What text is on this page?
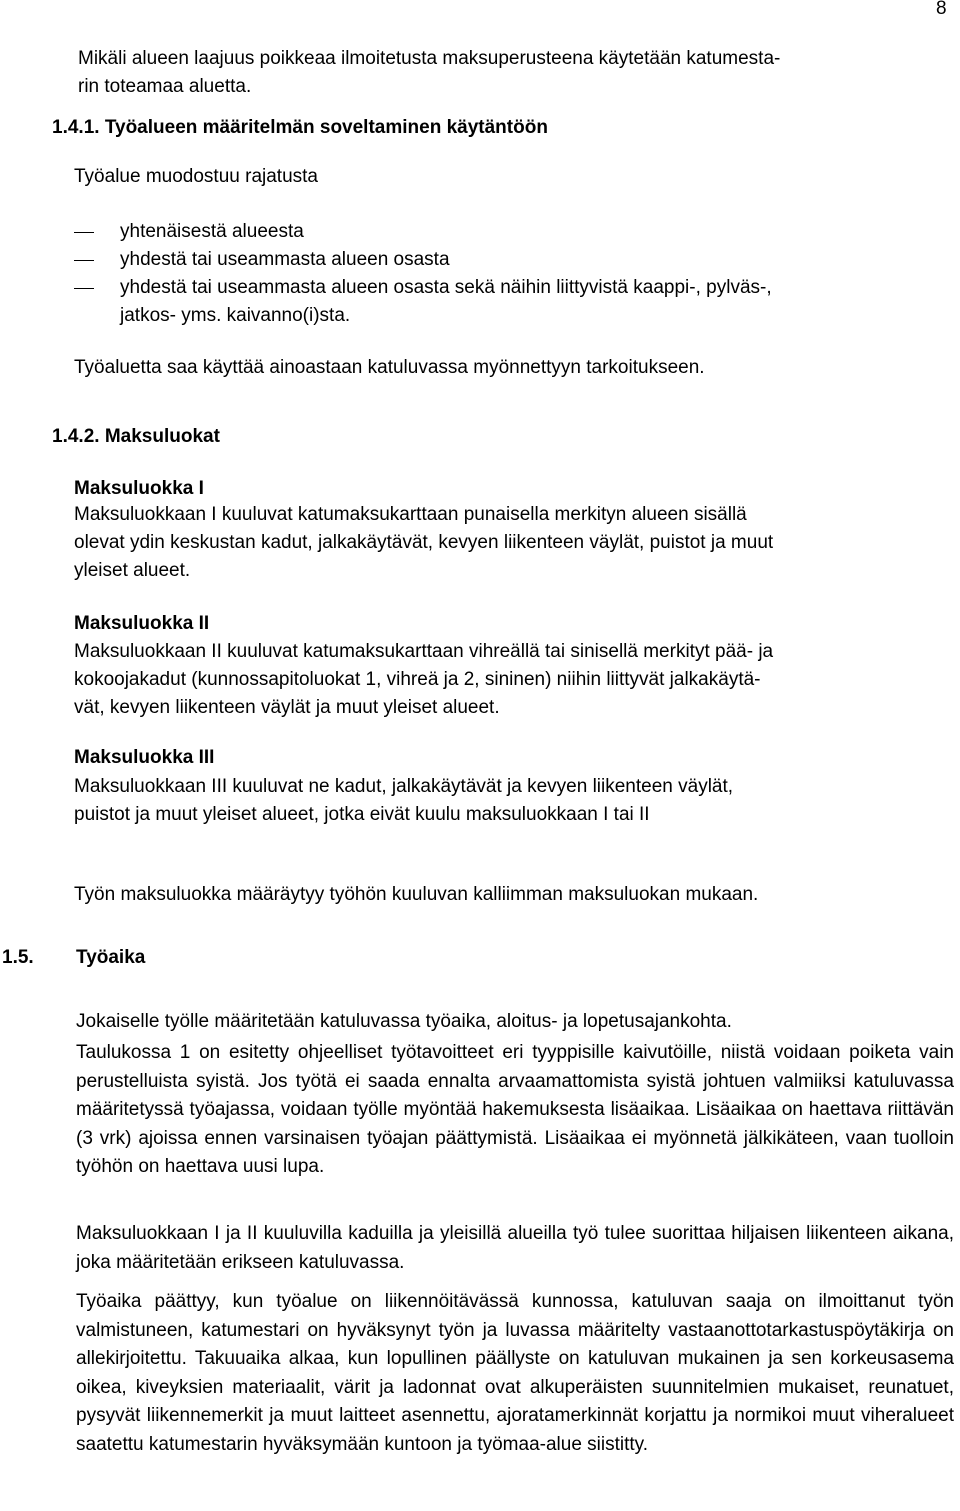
8
Mikäli alueen laajuus poikkeaa ilmoitetusta maksuperusteena käytetään katumesta-
rin toteamaa aluetta.
1.4.1. Työalueen määritelmän soveltaminen käytäntöön
Työalue muodostuu rajatusta
yhtenäisestä alueesta
yhdestä tai useammasta alueen osasta
yhdestä tai useammasta alueen osasta sekä näihin liittyvistä kaappi-, pylväs-,
jatkos- yms. kaivanno(i)sta.
Työaluetta saa käyttää ainoastaan katuluvassa myönnettyyn tarkoitukseen.
1.4.2. Maksuluokat
Maksuluokka I
Maksuluokkaan I kuuluvat katumaksukarttaan punaisella merkityn alueen sisällä
olevat ydin keskustan kadut, jalkakäytävät, kevyen liikenteen väylät, puistot ja muut
yleiset alueet.
Maksuluokka II
Maksuluokkaan II kuuluvat katumaksukarttaan vihreällä tai sinisellä merkityt pää- ja
kokoojakadut (kunnossapitoluokat 1, vihreä ja 2, sininen) niihin liittyvät jalkakäytä-
vät, kevyen liikenteen väylät ja muut yleiset alueet.
Maksuluokka III
Maksuluokkaan III kuuluvat ne kadut, jalkakäytävät ja kevyen liikenteen väylät,
puistot ja muut yleiset alueet, jotka eivät kuulu maksuluokkaan I tai II
Työn maksuluokka määräytyy työhön kuuluvan kalliimman maksuluokan mukaan.
1.5. Työaika
Jokaiselle työlle määritetään katuluvassa työaika, aloitus- ja lopetusajankohta.
Taulukossa 1 on esitetty ohjeelliset työtavoitteet eri tyyppisille kaivutöille, niistä voidaan poiketa vain perustelluista syistä. Jos työtä ei saada ennalta arvaamattomista syistä johtuen valmiiksi katuluvassa määritetyssä työajassa, voidaan työlle myöntää hakemuksesta lisäaikaa. Lisäaikaa on haettava riittävän (3 vrk) ajoissa ennen varsinaisen työajan päättymistä. Lisäaikaa ei myönnetä jälkikäteen, vaan tuolloin työhön on haettava uusi lupa.
Maksuluokkaan I ja II kuuluvilla kaduilla ja yleisillä alueilla työ tulee suorittaa hiljaisen liikenteen aikana, joka määritetään erikseen katuluvassa.
Työaika päättyy, kun työalue on liikennöitävässä kunnossa, katuluvan saaja on ilmoittanut työn valmistuneen, katumestari on hyväksynyt työn ja luvassa määritelty vastaanottotarkastuspöytäkirja on allekirjoitettu. Takuuaika alkaa, kun lopullinen päällyste on katuluvan mukainen ja sen korkeusasema oikea, kiveyksien materiaalit, värit ja ladonnat ovat alkuperäisten suunnitelmien mukaiset, reunatuet, pysyvät liikennemerkit ja muut laitteet asennettu, ajoratamerkinnät korjattu ja normikoi muut viheralueet saatettu katumestarin hyväksymään kuntoon ja työmaa-alue siistitty.
